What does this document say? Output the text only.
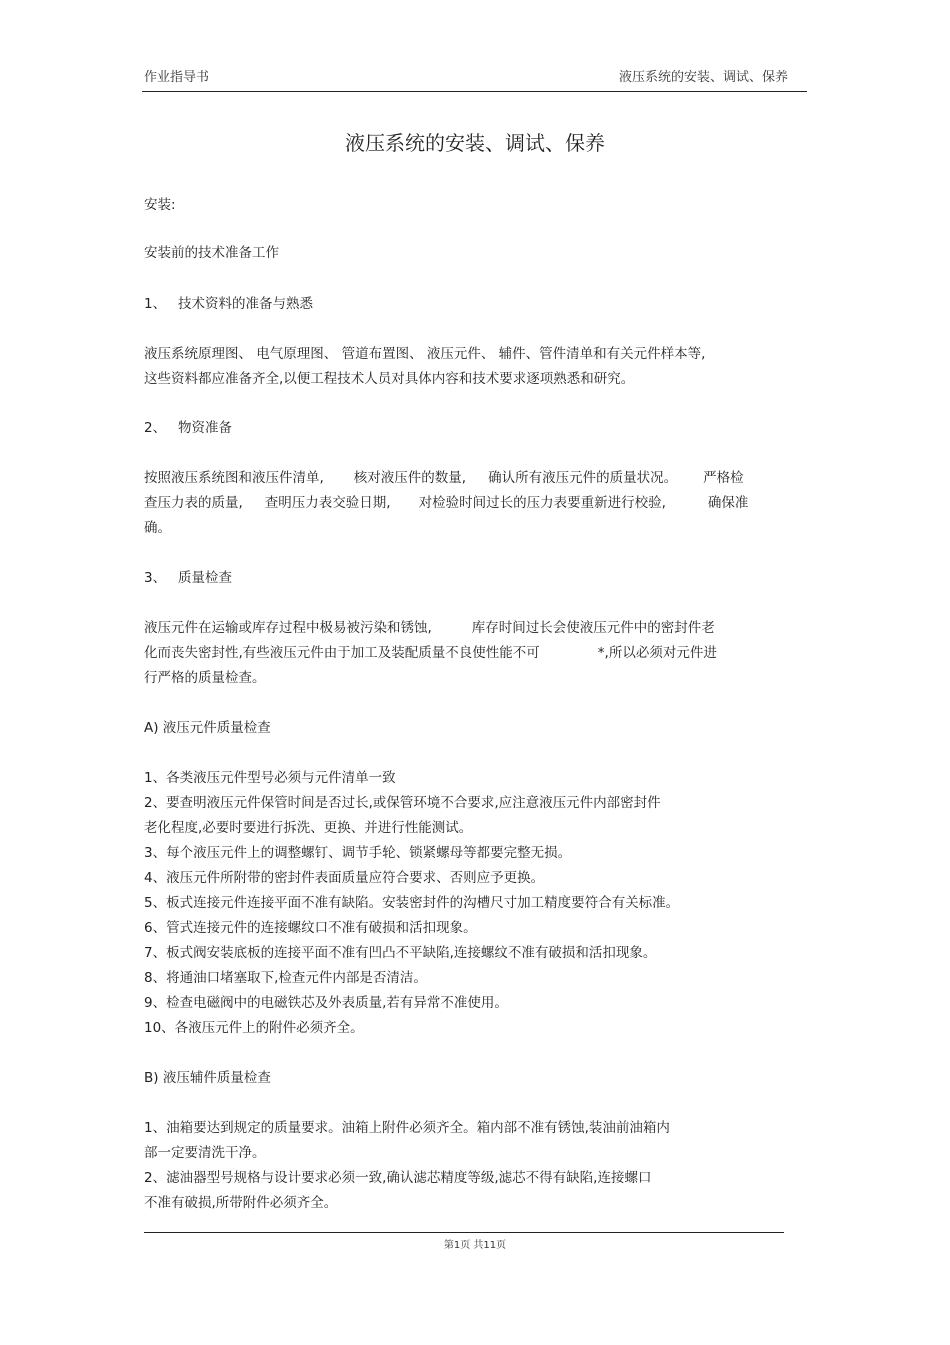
作业指导书	液压系统的安装、调试、保养
液压系统的安装、调试、保养
安装:
安装前的技术准备工作
1、 技术资料的准备与熟悉
液压系统原理图、 电气原理图、 管道布置图、 液压元件、 辅件、管件清单和有关元件样本等,
这些资料都应准备齐全,以便工程技术人员对具体内容和技术要求逐项熟悉和研究。
2、 物资准备
按照液压系统图和液压件清单, 核对液压件的数量, 确认所有液压元件的质量状况。 严格检
查压力表的质量, 查明压力表交验日期, 对检验时间过长的压力表要重新进行校验,	确保准
确。
3、 质量检查
液压元件在运输或库存过程中极易被污染和锈蚀,	库存时间过长会使液压元件中的密封件老
化而丧失密封性,有些液压元件由于加工及装配质量不良使性能不可	*,所以必须对元件进
行严格的质量检查。
A) 液压元件质量检查
1、各类液压元件型号必须与元件清单一致
2、要查明液压元件保管时间是否过长,或保管环境不合要求,应注意液压元件内部密封件
老化程度,必要时要进行拆洗、更换、并进行性能测试。
3、每个液压元件上的调整螺钉、调节手轮、锁紧螺母等都要完整无损。
4、液压元件所附带的密封件表面质量应符合要求、否则应予更换。
5、板式连接元件连接平面不准有缺陷。安装密封件的沟槽尺寸加工精度要符合有关标准。
6、管式连接元件的连接螺纹口不准有破损和活扣现象。
7、板式阀安装底板的连接平面不准有凹凸不平缺陷,连接螺纹不准有破损和活扣现象。
8、将通油口堵塞取下,检查元件内部是否清洁。
9、检查电磁阀中的电磁铁芯及外表质量,若有异常不准使用。
10、各液压元件上的附件必须齐全。
B) 液压辅件质量检查
1、油箱要达到规定的质量要求。油箱上附件必须齐全。箱内部不准有锈蚀,装油前油箱内
部一定要清洗干净。
2、滤油器型号规格与设计要求必须一致,确认滤芯精度等级,滤芯不得有缺陷,连接螺口
不准有破损,所带附件必须齐全。
第1页 共11页
